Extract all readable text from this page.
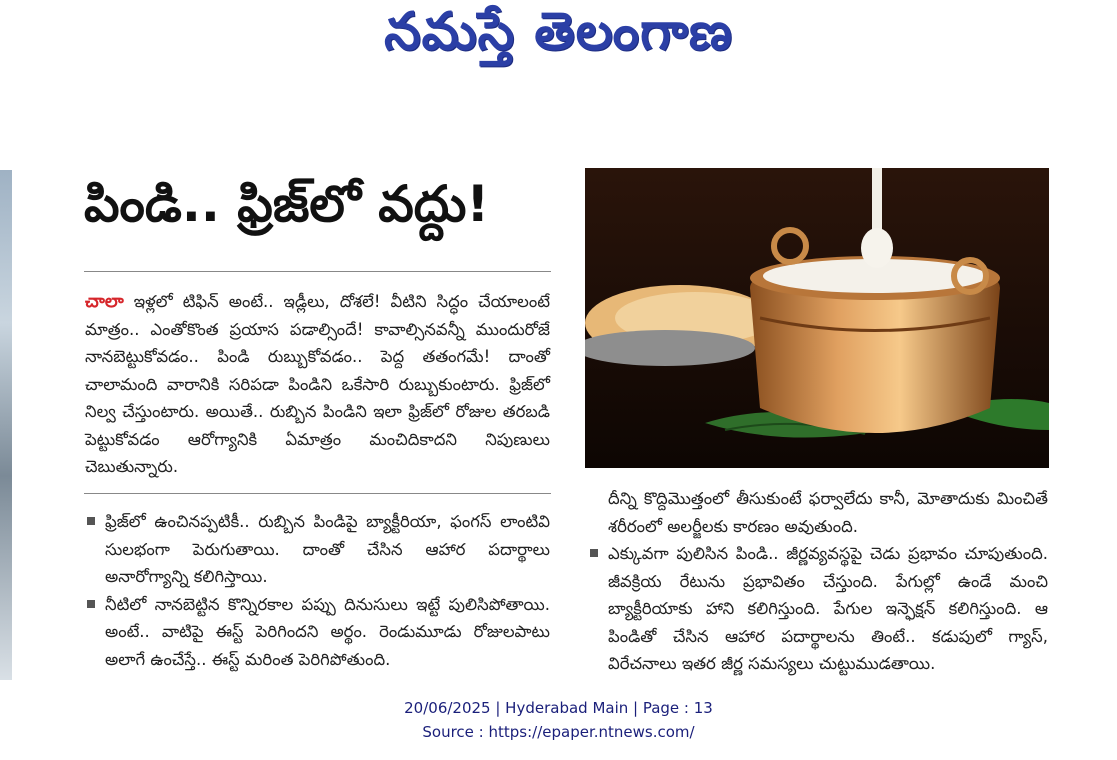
నమస్తే తెలంగాణ
పిండి.. ఫ్రిజ్‌లో వద్దు!
చాలా ఇళ్లలో టిఫిన్ అంటే.. ఇడ్లీలు, దోశలే! వీటిని సిద్ధం చేయాలంటే మాత్రం.. ఎంతోకొంత ప్రయాస పడాల్సిందే! కావాల్సినవన్నీ ముందురోజే నానబెట్టుకోవడం.. పిండి రుబ్బుకోవడం.. పెద్ద తతంగమే! దాంతో చాలామంది వారానికి సరిపడా పిండిని ఒకేసారి రుబ్బుకుంటారు. ఫ్రిజ్‌లో నిల్వ చేస్తుంటారు. అయితే.. రుబ్బిన పిండిని ఇలా ఫ్రిజ్‌లో రోజుల తరబడి పెట్టుకోవడం ఆరోగ్యానికి ఏమాత్రం మంచిదికాదని నిపుణులు చెబుతున్నారు.
ఫ్రిజ్‌లో ఉంచినప్పటికీ.. రుబ్బిన పిండిపై బ్యాక్టీరియా, ఫంగస్ లాంటివి సులభంగా పెరుగుతాయి. దాంతో చేసిన ఆహార పదార్థాలు అనారోగ్యాన్ని కలిగిస్తాయి.
నీటిలో నానబెట్టిన కొన్నిరకాల పప్పు దినుసులు ఇట్టే పులిసిపోతాయి. అంటే.. వాటిపై ఈస్ట్ పెరిగిందని అర్థం. రెండుమూడు రోజులపాటు అలాగే ఉంచేస్తే.. ఈస్ట్ మరింత పెరిగిపోతుంది.
దీన్ని కొద్దిమొత్తంలో తీసుకుంటే ఫర్వాలేదు కానీ, మోతాదుకు మించితే శరీరంలో అలర్జీలకు కారణం అవుతుంది.
ఎక్కువగా పులిసిన పిండి.. జీర్ణవ్యవస్థపై చెడు ప్రభావం చూపుతుంది. జీవక్రియ రేటును ప్రభావితం చేస్తుంది. పేగుల్లో ఉండే మంచి బ్యాక్టీరియాకు హాని కలిగిస్తుంది. పేగుల ఇన్ఫెక్షన్ కలిగిస్తుంది. ఆ పిండితో చేసిన ఆహార పదార్థాలను తింటే.. కడుపులో గ్యాస్, విరేచనాలు ఇతర జీర్ణ సమస్యలు చుట్టుముడతాయి.
20/06/2025 | Hyderabad Main | Page : 13
Source : https://epaper.ntnews.com/
